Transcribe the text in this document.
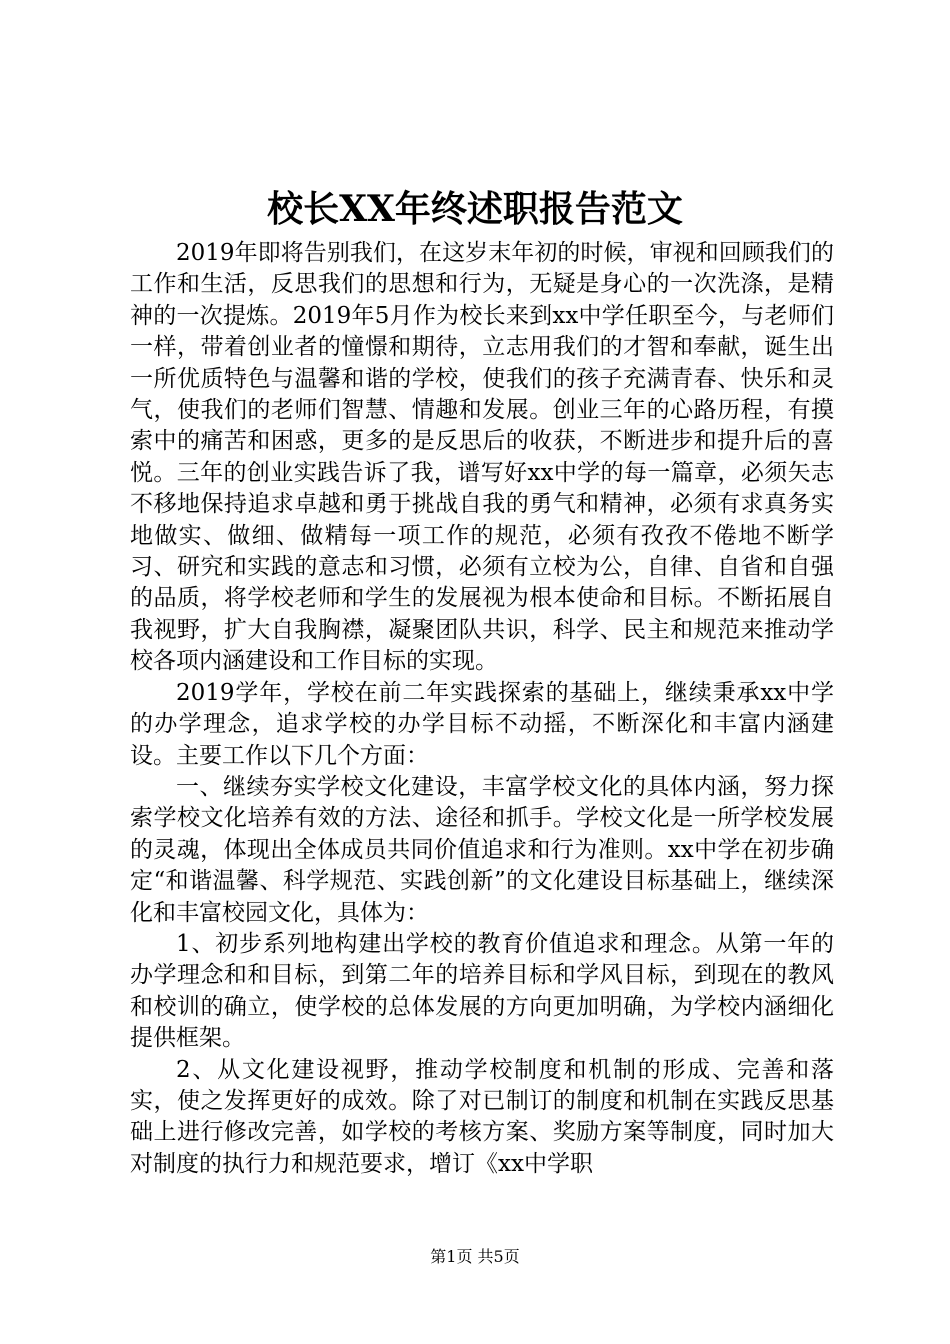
校长XX年终述职报告范文

2019年即将告别我们，在这岁末年初的时候，审视和回顾我们的工作和生活，反思我们的思想和行为，无疑是身心的一次洗涤，是精神的一次提炼。2019年5月作为校长来到xx中学任职至今，与老师们一样，带着创业者的憧憬和期待，立志用我们的才智和奉献，诞生出一所优质特色与温馨和谐的学校，使我们的孩子充满青春、快乐和灵气，使我们的老师们智慧、情趣和发展。创业三年的心路历程，有摸索中的痛苦和困惑，更多的是反思后的收获，不断进步和提升后的喜悦。三年的创业实践告诉了我，谱写好xx中学的每一篇章，必须矢志不移地保持追求卓越和勇于挑战自我的勇气和精神，必须有求真务实地做实、做细、做精每一项工作的规范，必须有孜孜不倦地不断学习、研究和实践的意志和习惯，必须有立校为公，自律、自省和自强的品质，将学校老师和学生的发展视为根本使命和目标。不断拓展自我视野，扩大自我胸襟，凝聚团队共识，科学、民主和规范来推动学校各项内涵建设和工作目标的实现。

2019学年，学校在前二年实践探索的基础上，继续秉承xx中学的办学理念，追求学校的办学目标不动摇，不断深化和丰富内涵建设。主要工作以下几个方面：

一、继续夯实学校文化建设，丰富学校文化的具体内涵，努力探索学校文化培养有效的方法、途径和抓手。学校文化是一所学校发展的灵魂，体现出全体成员共同价值追求和行为准则。xx中学在初步确定“和谐温馨、科学规范、实践创新”的文化建设目标基础上，继续深化和丰富校园文化，具体为：

1、初步系列地构建出学校的教育价值追求和理念。从第一年的办学理念和和目标，到第二年的培养目标和学风目标，到现在的教风和校训的确立，使学校的总体发展的方向更加明确，为学校内涵细化提供框架。

2、从文化建设视野，推动学校制度和机制的形成、完善和落实，使之发挥更好的成效。除了对已制订的制度和机制在实践反思基础上进行修改完善，如学校的考核方案、奖励方案等制度，同时加大对制度的执行力和规范要求，增订《xx中学职

第1页 共5页
